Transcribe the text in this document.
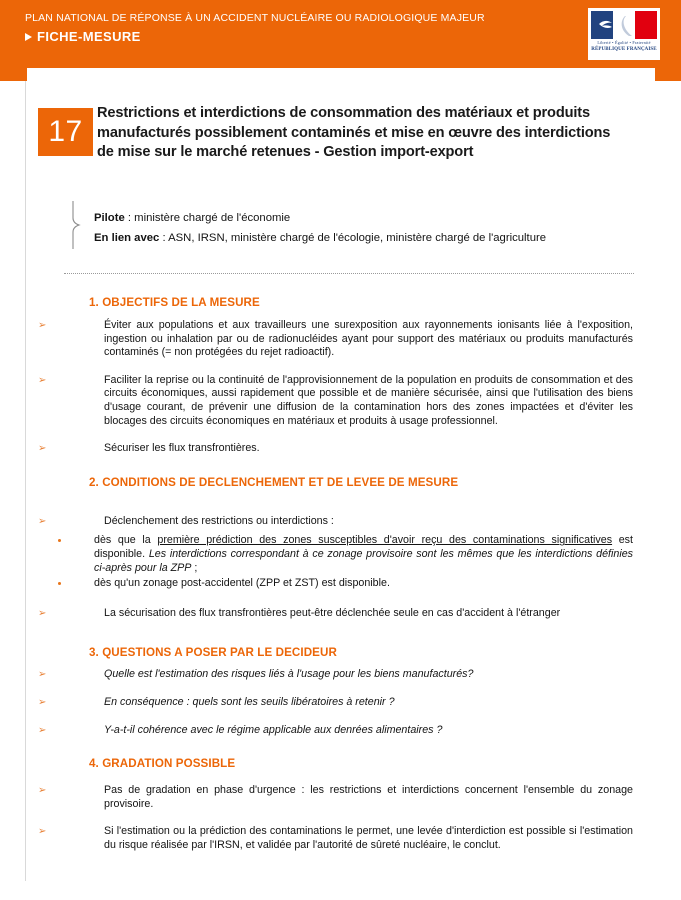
PLAN NATIONAL DE RÉPONSE À UN ACCIDENT NUCLÉAIRE OU RADIOLOGIQUE MAJEUR
FICHE-MESURE	Liberté • Égalité • Fraternité
RÉPUBLIQUE FRANÇAISE
17
Restrictions et interdictions de consommation des matériaux et produits manufacturés possiblement contaminés et mise en œuvre des interdictions de mise sur le marché retenues - Gestion import-export
Pilote : ministère chargé de l'économie
En lien avec : ASN, IRSN, ministère chargé de l'écologie, ministère chargé de l'agriculture
1. OBJECTIFS DE LA MESURE
➢	Éviter aux populations et aux travailleurs une surexposition aux rayonnements ionisants liée à l'exposition, ingestion ou inhalation par ou de radionucléides ayant pour support des matériaux ou produits manufacturés contaminés (= non protégées du rejet radioactif).
➢	Faciliter la reprise ou la continuité de l'approvisionnement de la population en produits de consommation et des circuits économiques, aussi rapidement que possible et de manière sécurisée, ainsi que l'utilisation des biens d'usage courant, de prévenir une diffusion de la contamination hors des zones impactées et d'éviter les blocages des circuits économiques en matériaux et produits à usage professionnel.
➢	Sécuriser les flux transfrontières.
2. CONDITIONS DE DECLENCHEMENT ET DE LEVEE DE MESURE
➢	Déclenchement des restrictions ou interdictions :
dès que la première prédiction des zones susceptibles d'avoir reçu des contaminations significatives est disponible. Les interdictions correspondant à ce zonage provisoire sont les mêmes que les interdictions définies ci-après pour la ZPP ;
dès qu'un zonage post-accidentel (ZPP et ZST) est disponible.
➢	La sécurisation des flux transfrontières peut-être déclenchée seule en cas d'accident à l'étranger
3. QUESTIONS A POSER PAR LE DECIDEUR
➢	Quelle est l'estimation des risques liés à l'usage pour les biens manufacturés?
➢	En conséquence : quels sont les seuils libératoires à retenir ?
➢	Y-a-t-il cohérence avec le régime applicable aux denrées alimentaires ?
4. GRADATION POSSIBLE
➢	Pas de gradation en phase d'urgence : les restrictions et interdictions concernent l'ensemble du zonage provisoire.
➢	Si l'estimation ou la prédiction des contaminations le permet, une levée d'interdiction est possible si l'estimation du risque réalisée par l'IRSN, et validée par l'autorité de sûreté nucléaire, le conclut.
